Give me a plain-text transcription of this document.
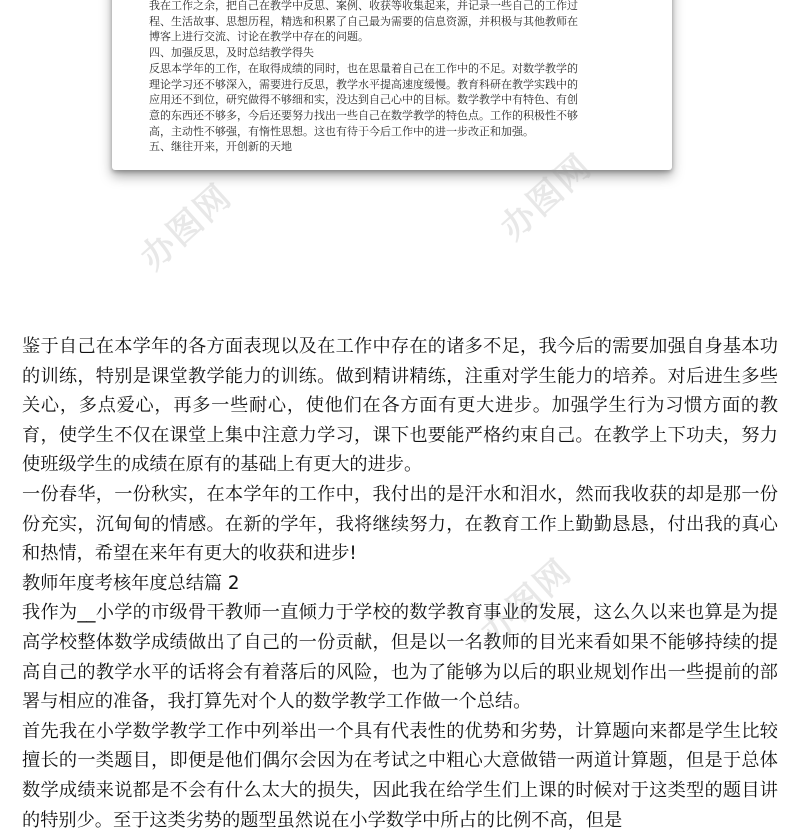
我在工作之余，把自己在教学中反思、案例、收获等收集起来，并记录一些自己的工作过

程、生活故事、思想历程，精选和积累了自己最为需要的信息资源，并积极与其他教师在

博客上进行交流、讨论在教学中存在的问题。

四、加强反思，及时总结教学得失

反思本学年的工作，在取得成绩的同时，也在思量着自己在工作中的不足。对数学教学的

理论学习还不够深入，需要进行反思，教学水平提高速度缓慢。教育科研在教学实践中的

应用还不到位，研究做得不够细和实，没达到自己心中的目标。数学教学中有特色、有创

意的东西还不够多，今后还要努力找出一些自己在数学教学的特色点。工作的积极性不够

高，主动性不够强，有惰性思想。这也有待于今后工作中的进一步改正和加强。

五、继往开来，开创新的天地

办图网	办图网
办图网

鉴于自己在本学年的各方面表现以及在工作中存在的诸多不足，我今后的需要加强自身基本功的训练，特别是课堂教学能力的训练。做到精讲精练，注重对学生能力的培养。对后进生多些关心，多点爱心，再多一些耐心，使他们在各方面有更大进步。加强学生行为习惯方面的教育，使学生不仅在课堂上集中注意力学习，课下也要能严格约束自己。在教学上下功夫，努力使班级学生的成绩在原有的基础上有更大的进步。

一份春华，一份秋实，在本学年的工作中，我付出的是汗水和泪水，然而我收获的却是那一份份充实，沉甸甸的情感。在新的学年，我将继续努力，在教育工作上勤勤恳恳，付出我的真心和热情，希望在来年有更大的收获和进步!

教师年度考核年度总结篇 2

我作为__小学的市级骨干教师一直倾力于学校的数学教育事业的发展，这么久以来也算是为提高学校整体数学成绩做出了自己的一份贡献，但是以一名教师的目光来看如果不能够持续的提高自己的教学水平的话将会有着落后的风险，也为了能够为以后的职业规划作出一些提前的部署与相应的准备，我打算先对个人的数学教学工作做一个总结。

首先我在小学数学教学工作中列举出一个具有代表性的优势和劣势，计算题向来都是学生比较擅长的一类题目，即便是他们偶尔会因为在考试之中粗心大意做错一两道计算题，但是于总体数学成绩来说都是不会有什么太大的损失，因此我在给学生们上课的时候对于这类型的题目讲的特别少。至于这类劣势的题型虽然说在小学数学中所占的比例不高，但是
